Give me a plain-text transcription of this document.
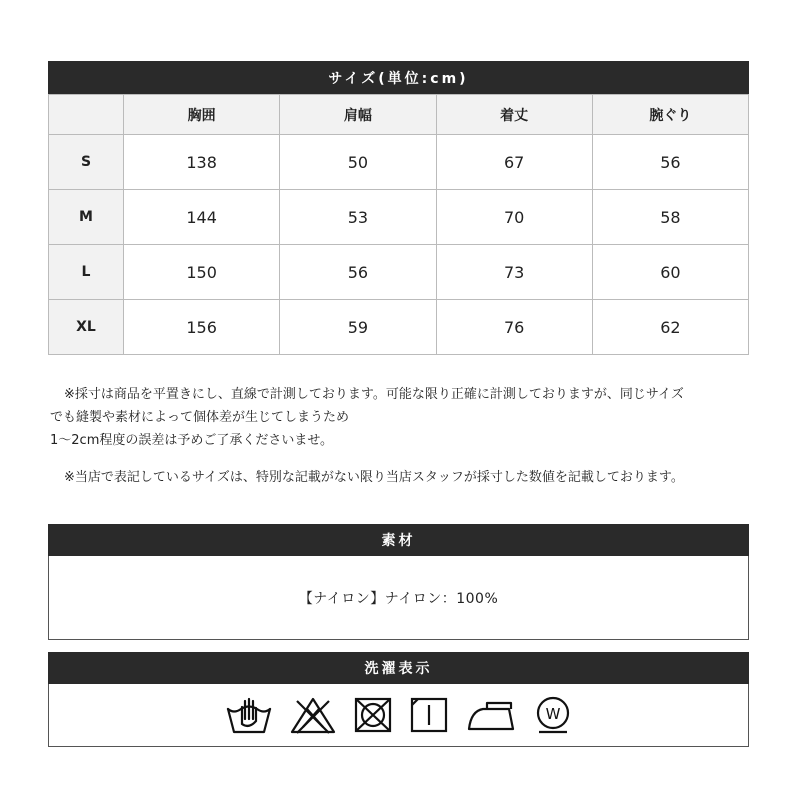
サイズ(単位:cm)
	胸囲	肩幅	着丈	腕ぐり
S	138	50	67	56
M	144	53	70	58
L	150	56	73	60
XL	156	59	76	62
※採寸は商品を平置きにし、直線で計測しております。可能な限り正確に計測しておりますが、同じサイズ
でも縫製や素材によって個体差が生じてしまうため
1〜2cm程度の誤差は予めご了承くださいませ。
※当店で表記しているサイズは、特別な記載がない限り当店スタッフが採寸した数値を記載しております。
素材
【ナイロン】ナイロン：100%
洗濯表示
W
